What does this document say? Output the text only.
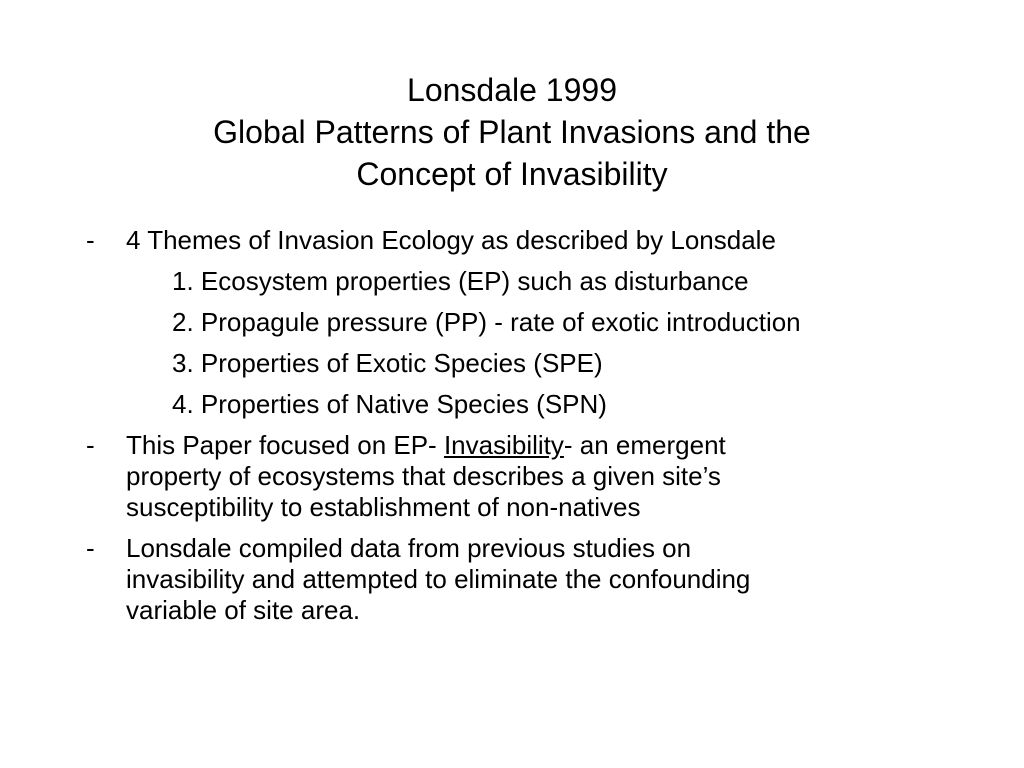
Lonsdale 1999
Global Patterns of Plant Invasions and the
Concept of Invasibility
- 4 Themes of Invasion Ecology as described by Lonsdale
1. Ecosystem properties (EP) such as disturbance
2. Propagule pressure (PP) - rate of exotic introduction
3. Properties of Exotic Species (SPE)
4. Properties of Native Species (SPN)
- This Paper focused on EP- Invasibility- an emergent
property of ecosystems that describes a given site’s
susceptibility to establishment of non-natives
- Lonsdale compiled data from previous studies on
invasibility and attempted to eliminate the confounding
variable of site area.
